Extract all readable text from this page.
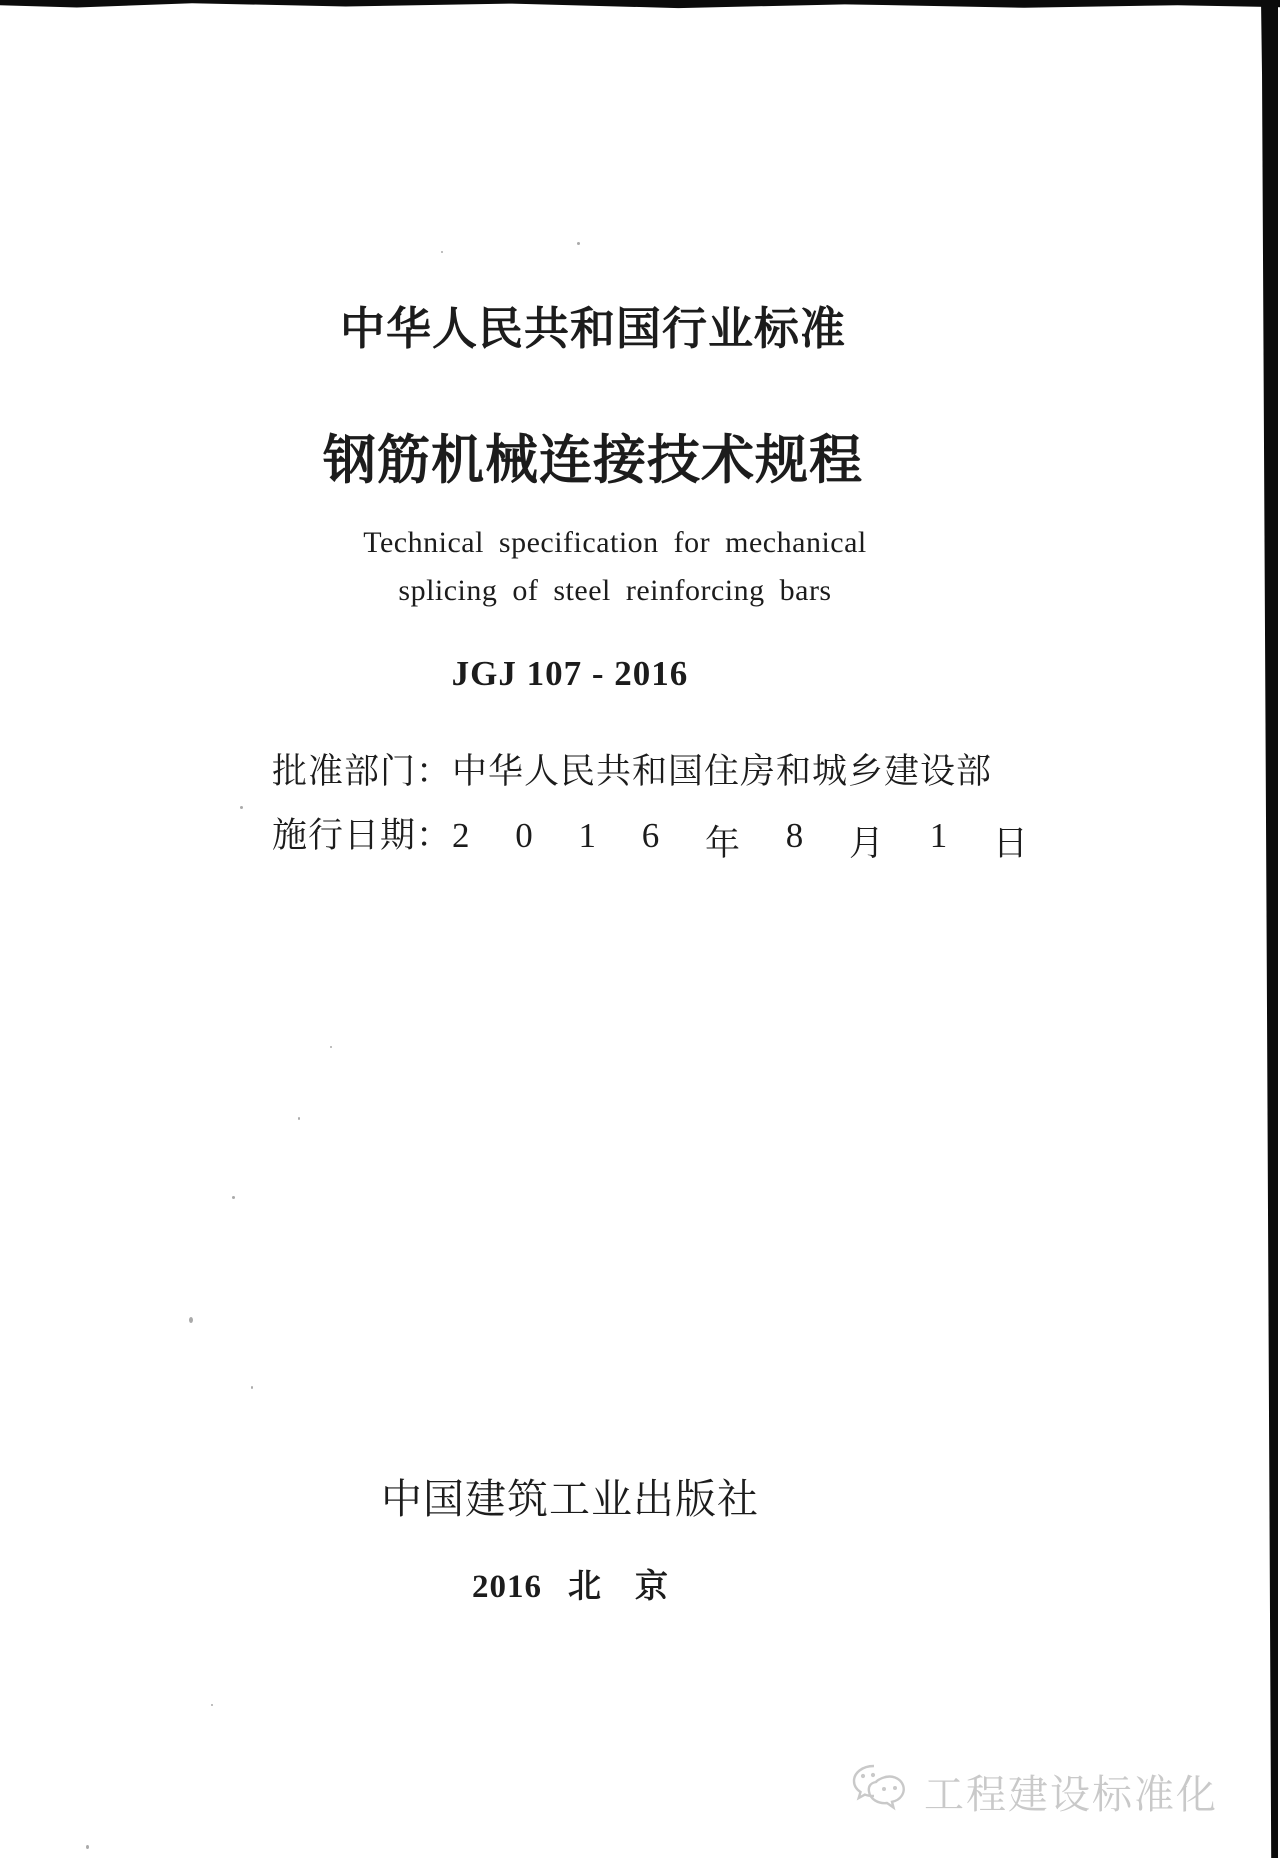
中华人民共和国行业标准
钢筋机械连接技术规程
Technical specification for mechanical
splicing of steel reinforcing bars
JGJ 107 - 2016
批准部门： 中华人民共和国住房和城乡建设部
施行日期： 2 0 1 6 年 8 月 1 日
中国建筑工业出版社
2016 北 京
工程建设标准化
